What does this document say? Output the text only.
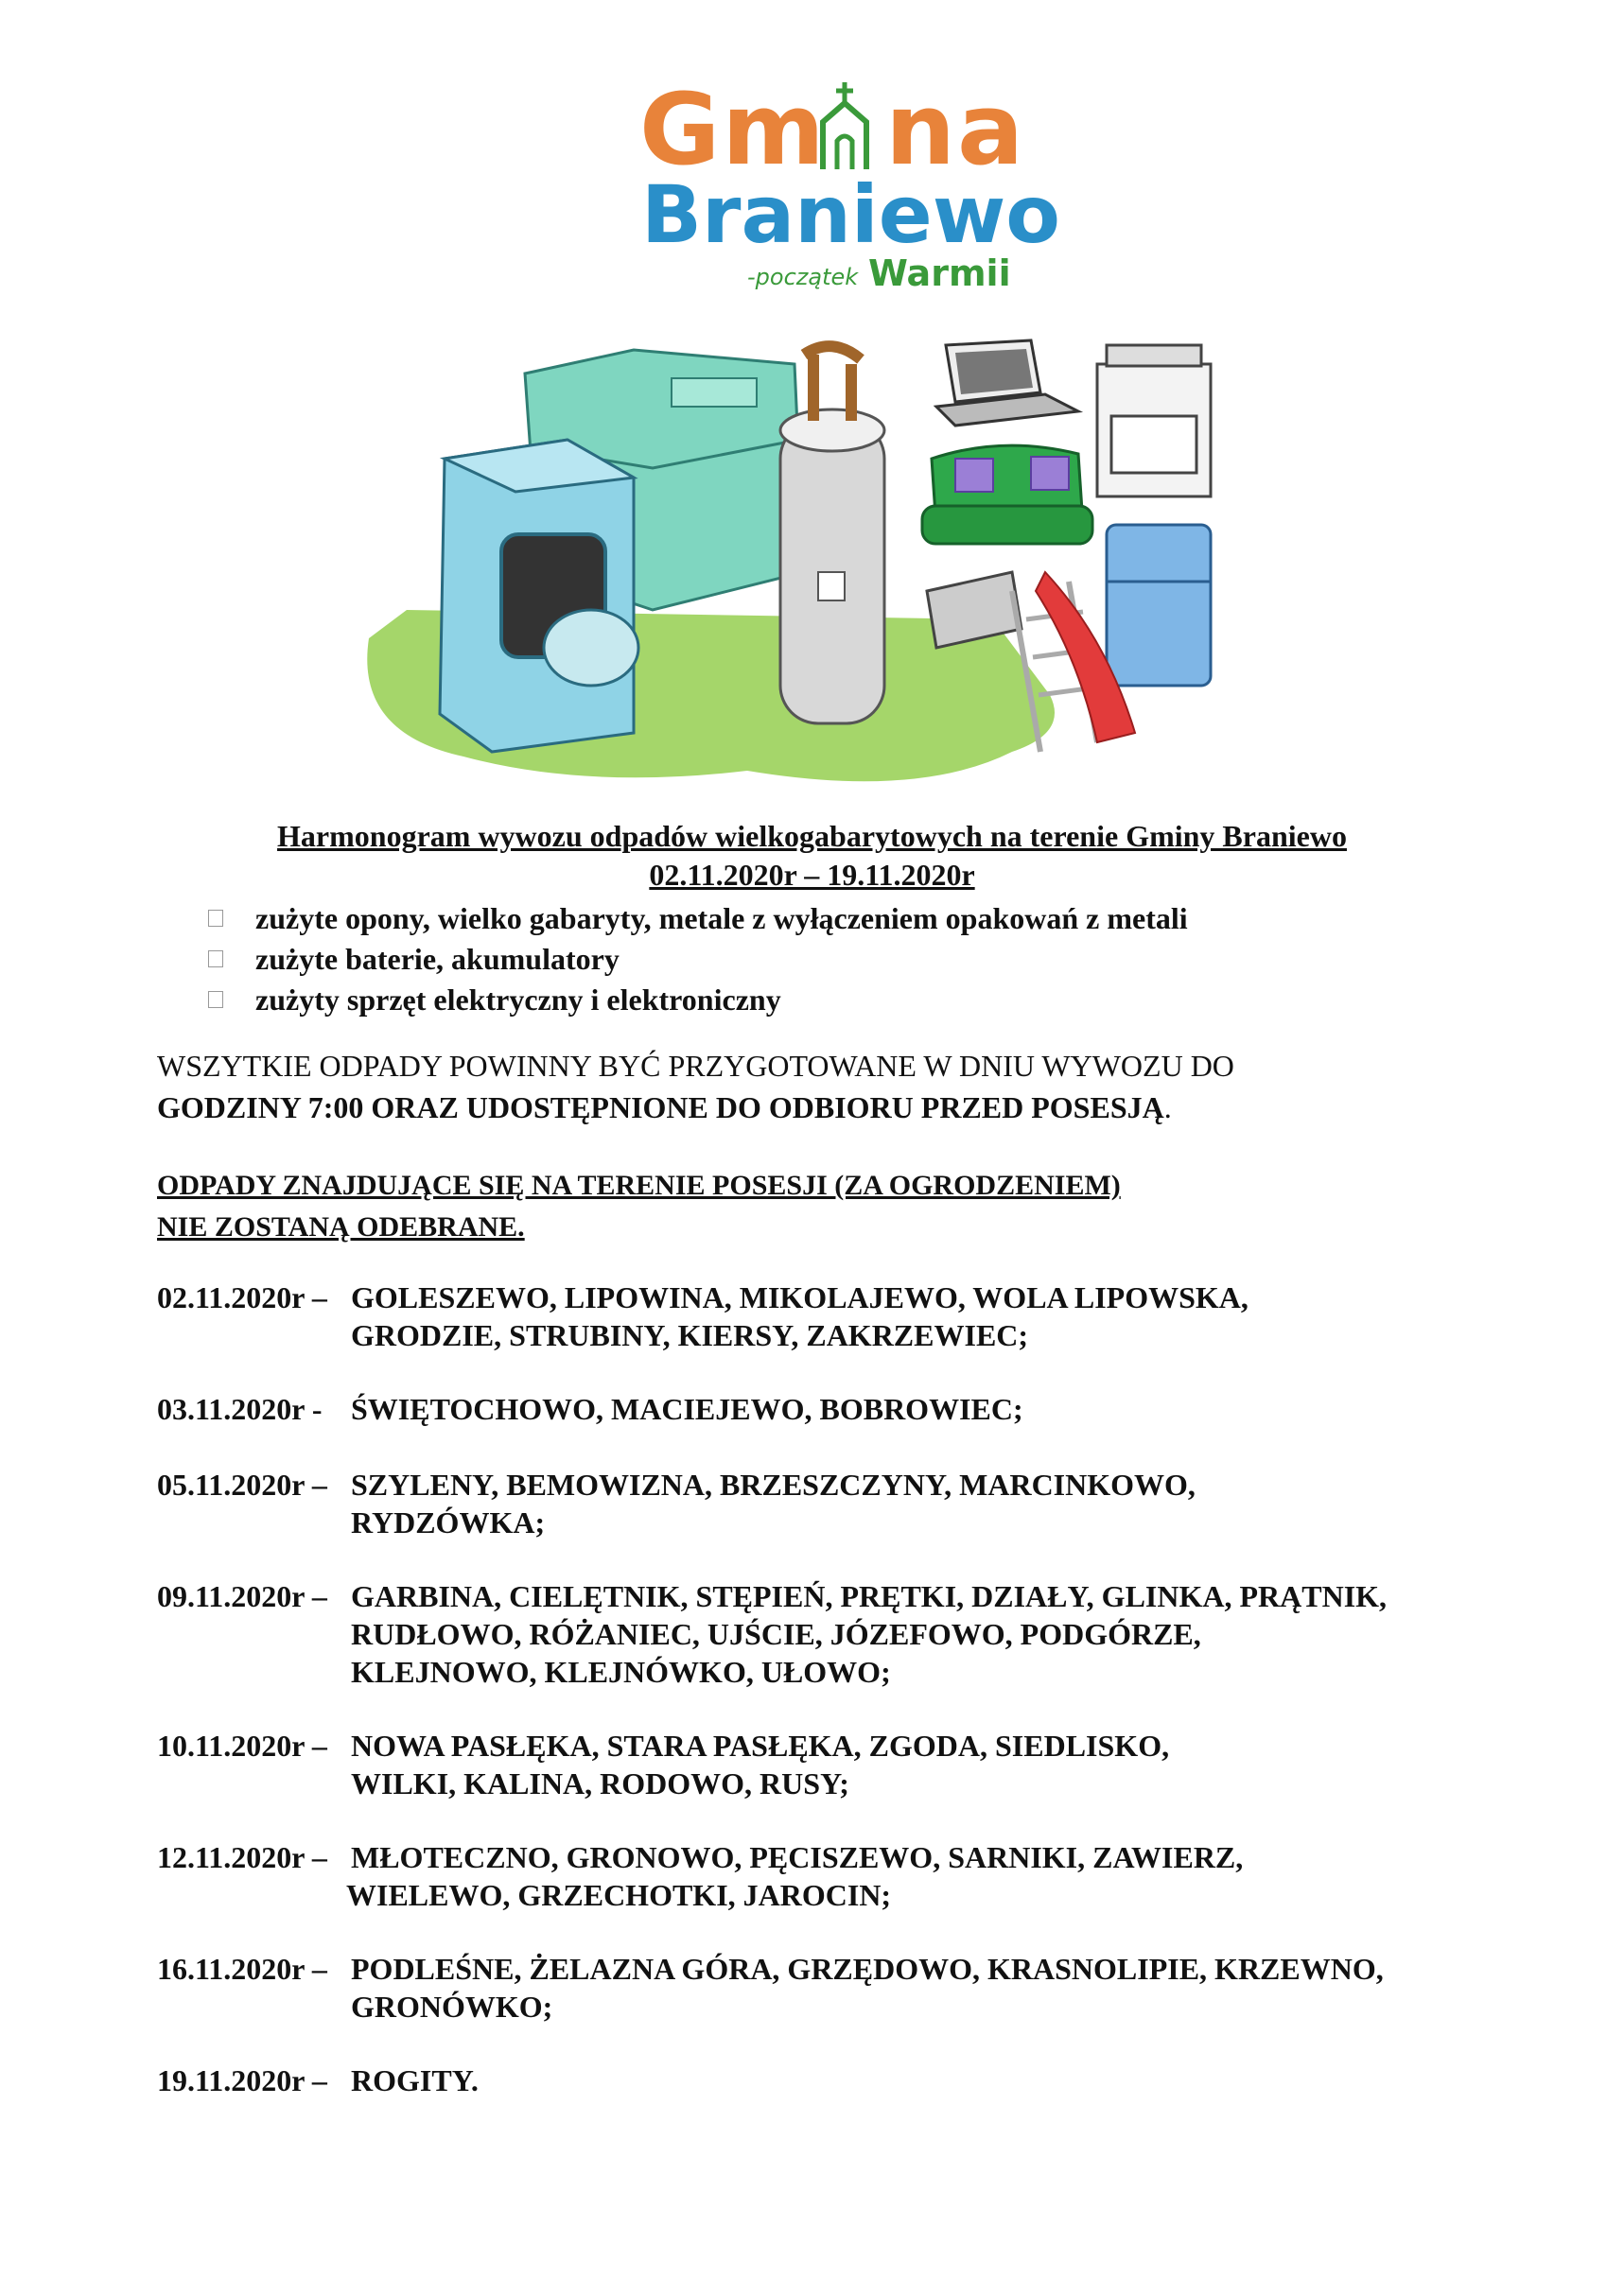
Gm na
Braniewo
-początek Warmii
Harmonogram wywozu odpadów wielkogabarytowych na terenie Gminy Braniewo
02.11.2020r – 19.11.2020r
zużyte opony, wielko gabaryty, metale z wyłączeniem opakowań z metali
zużyte baterie, akumulatory
zużyty sprzęt elektryczny i elektroniczny
WSZYTKIE ODPADY POWINNY BYĆ PRZYGOTOWANE W DNIU WYWOZU DO
GODZINY 7:00 ORAZ UDOSTĘPNIONE DO ODBIORU PRZED POSESJĄ.
ODPADY ZNAJDUJĄCE SIĘ NA TERENIE POSESJI (ZA OGRODZENIEM)
NIE ZOSTANĄ ODEBRANE.
02.11.2020r – GOLESZEWO, LIPOWINA, MIKOLAJEWO, WOLA LIPOWSKA,
GRODZIE, STRUBINY, KIERSY, ZAKRZEWIEC;
03.11.2020r -  ŚWIĘTOCHOWO, MACIEJEWO, BOBROWIEC;
05.11.2020r – SZYLENY, BEMOWIZNA, BRZESZCZYNY, MARCINKOWO,
RYDZÓWKA;
09.11.2020r – GARBINA, CIELĘTNIK, STĘPIEŃ, PRĘTKI, DZIAŁY, GLINKA, PRĄTNIK,
RUDŁOWO, RÓŻANIEC, UJŚCIE, JÓZEFOWO, PODGÓRZE,
KLEJNOWO, KLEJNÓWKO, UŁOWO;
10.11.2020r – NOWA PASŁĘKA, STARA PASŁĘKA, ZGODA, SIEDLISKO,
WILKI, KALINA, RODOWO, RUSY;
12.11.2020r – MŁOTECZNO, GRONOWO, PĘCISZEWO, SARNIKI, ZAWIERZ,
WIELEWO, GRZECHOTKI, JAROCIN;
16.11.2020r – PODLEŚNE, ŻELAZNA GÓRA, GRZĘDOWO, KRASNOLIPIE, KRZEWNO,
GRONÓWKO;
19.11.2020r – ROGITY.
